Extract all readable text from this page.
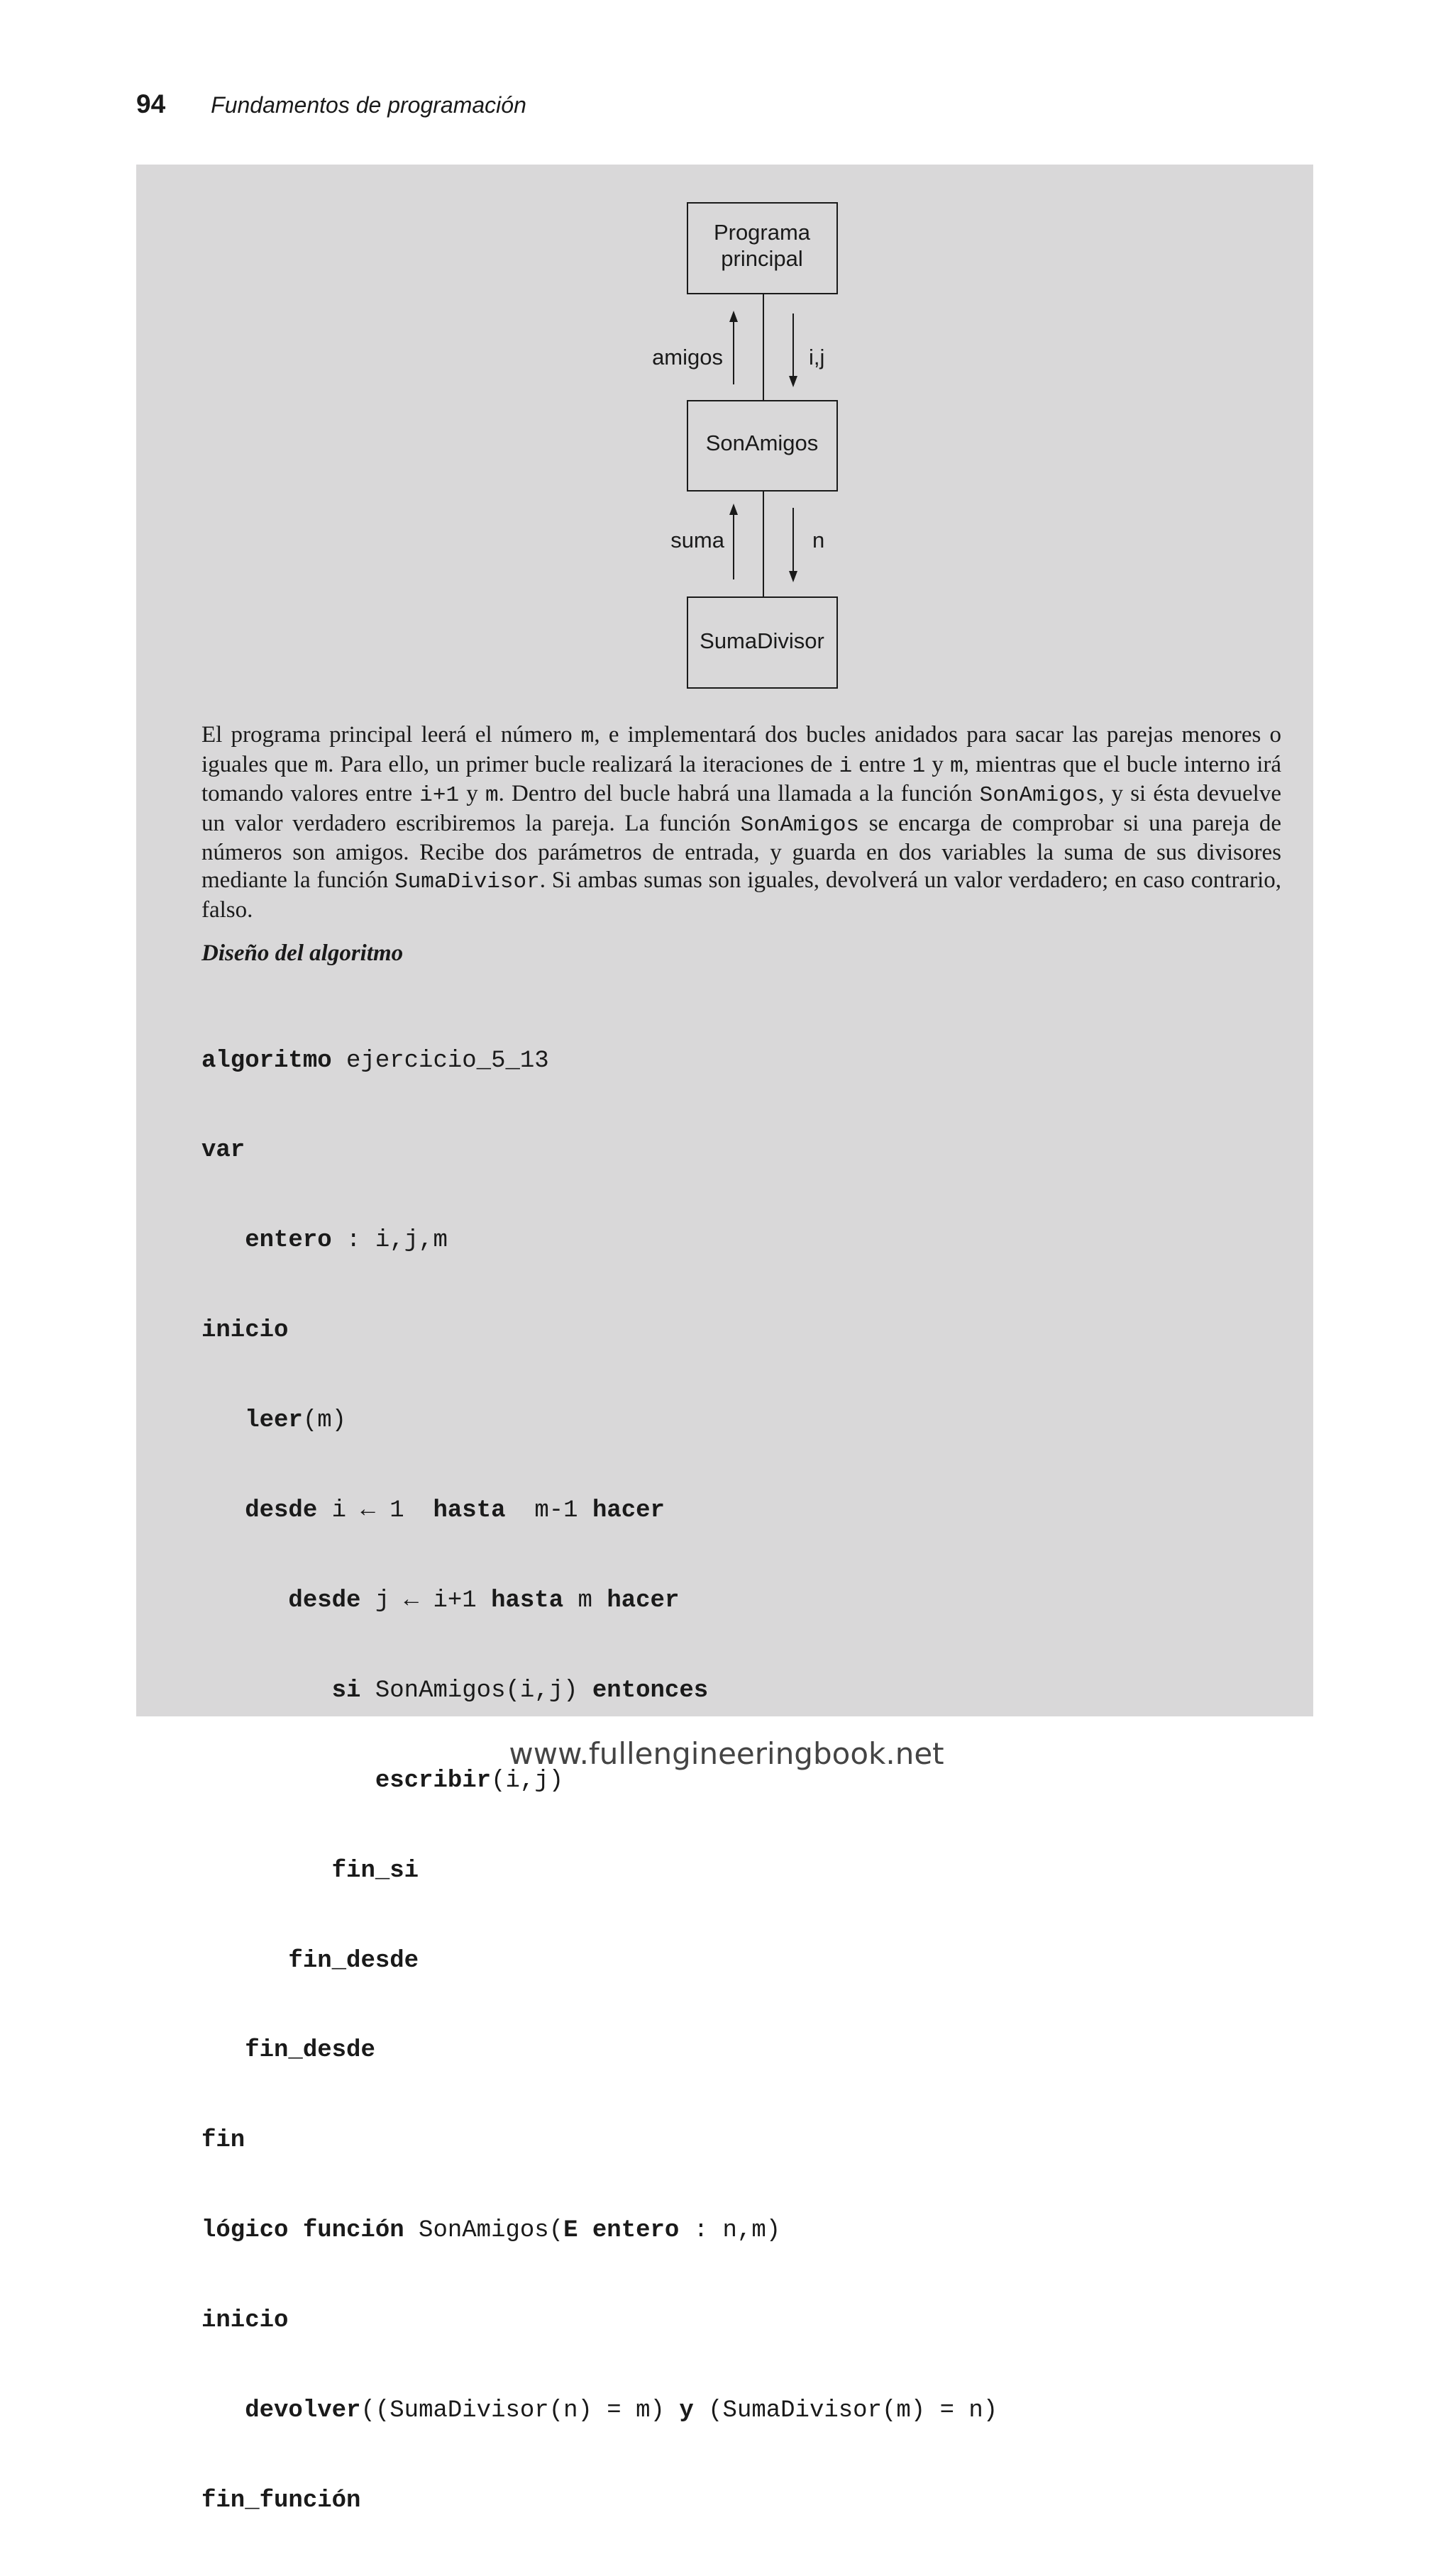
94 Fundamentos de programación
Programa
principal
SonAmigos
SumaDivisor
amigos	i,j
suma	n

El programa principal leerá el número m, e implementará dos bucles anidados para sacar las parejas menores o iguales que m. Para ello, un primer bucle realizará la iteraciones de i entre 1 y m, mientras que el bucle interno irá tomando valores entre i+1 y m. Dentro del bucle habrá una llamada a la función SonAmigos, y si ésta devuelve un valor verdadero escribiremos la pareja. La función SonAmigos se encarga de comprobar si una pareja de números son amigos. Recibe dos parámetros de entrada, y guarda en dos variables la suma de sus divisores mediante la función SumaDivisor. Si ambas sumas son iguales, devolverá un valor verdadero; en caso contrario, falso.

Diseño del algoritmo

algoritmo ejercicio_5_13

var

entero : i,j,m

inicio

leer(m)

desde i ← 1  hasta  m-1 hacer

desde j ← i+1 hasta m hacer

si SonAmigos(i,j) entonces

escribir(i,j)

fin_si

fin_desde

fin_desde

fin

lógico función SonAmigos(E entero : n,m)

inicio

devolver((SumaDivisor(n) = m) y (SumaDivisor(m) = n)

fin_función

www.fullengineeringbook.net
